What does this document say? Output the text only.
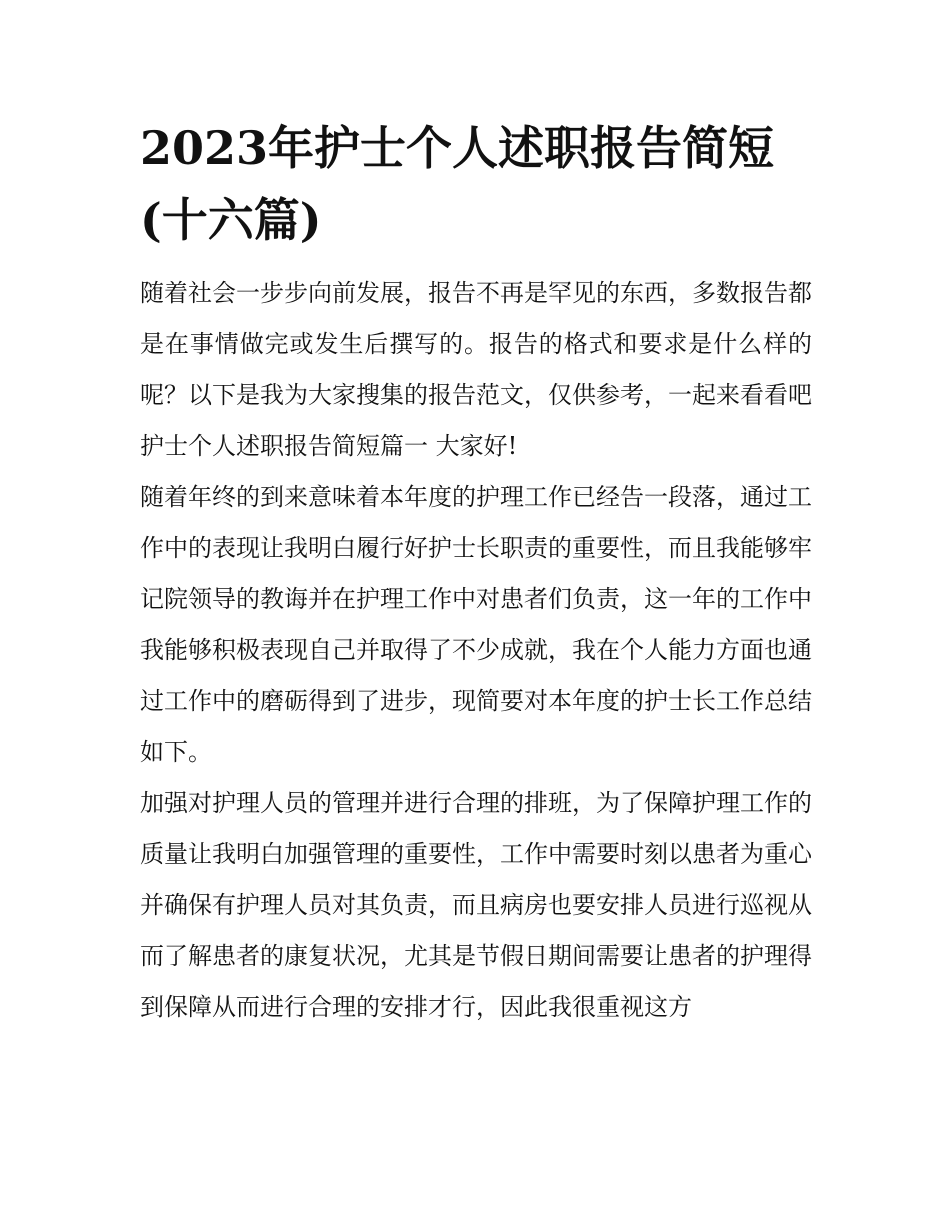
2023年护士个人述职报告简短(十六篇)

随着社会一步步向前发展，报告不再是罕见的东西，多数报告都是在事情做完或发生后撰写的。报告的格式和要求是什么样的呢？以下是我为大家搜集的报告范文，仅供参考，一起来看看吧

护士个人述职报告简短篇一 大家好!

随着年终的到来意味着本年度的护理工作已经告一段落，通过工作中的表现让我明白履行好护士长职责的重要性，而且我能够牢记院领导的教诲并在护理工作中对患者们负责，这一年的工作中我能够积极表现自己并取得了不少成就，我在个人能力方面也通过工作中的磨砺得到了进步，现简要对本年度的护士长工作总结如下。

加强对护理人员的管理并进行合理的排班，为了保障护理工作的质量让我明白加强管理的重要性，工作中需要时刻以患者为重心并确保有护理人员对其负责，而且病房也要安排人员进行巡视从而了解患者的康复状况，尤其是节假日期间需要让患者的护理得到保障从而进行合理的安排才行，因此我很重视这方
